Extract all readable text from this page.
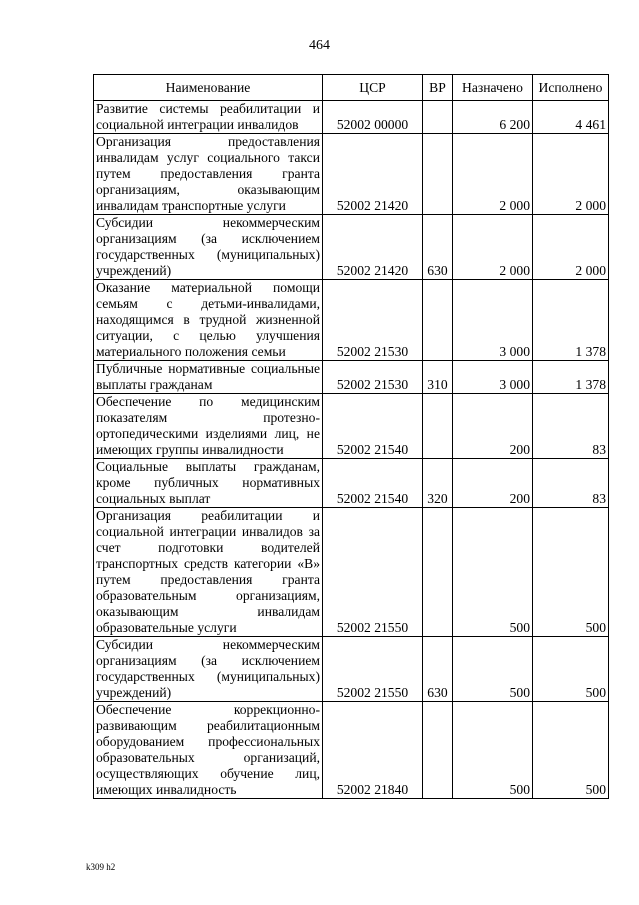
464
Наименование	ЦСР	ВР	Назначено	Исполнено
Развитие системы реабилитации и социальной интеграции инвалидов	52002 00000		6 200	4 461
Организация предоставления инвалидам услуг социального такси путем предоставления гранта организациям, оказывающим инвалидам транспортные услуги	52002 21420		2 000	2 000
Субсидии некоммерческим организациям (за исключением государственных (муниципальных) учреждений)	52002 21420	630	2 000	2 000
Оказание материальной помощи семьям с детьми-инвалидами, находящимся в трудной жизненной ситуации, с целью улучшения материального положения семьи	52002 21530		3 000	1 378
Публичные нормативные социальные выплаты гражданам	52002 21530	310	3 000	1 378
Обеспечение по медицинским показателям протезно-ортопедическими изделиями лиц, не имеющих группы инвалидности	52002 21540		200	83
Социальные выплаты гражданам, кроме публичных нормативных социальных выплат	52002 21540	320	200	83
Организация реабилитации и социальной интеграции инвалидов за счет подготовки водителей транспортных средств категории «В» путем предоставления гранта образовательным организациям, оказывающим инвалидам образовательные услуги	52002 21550		500	500
Субсидии некоммерческим организациям (за исключением государственных (муниципальных) учреждений)	52002 21550	630	500	500
Обеспечение коррекционно-развивающим реабилитационным оборудованием профессиональных образовательных организаций, осуществляющих обучение лиц, имеющих инвалидность	52002 21840		500	500
k309 h2
